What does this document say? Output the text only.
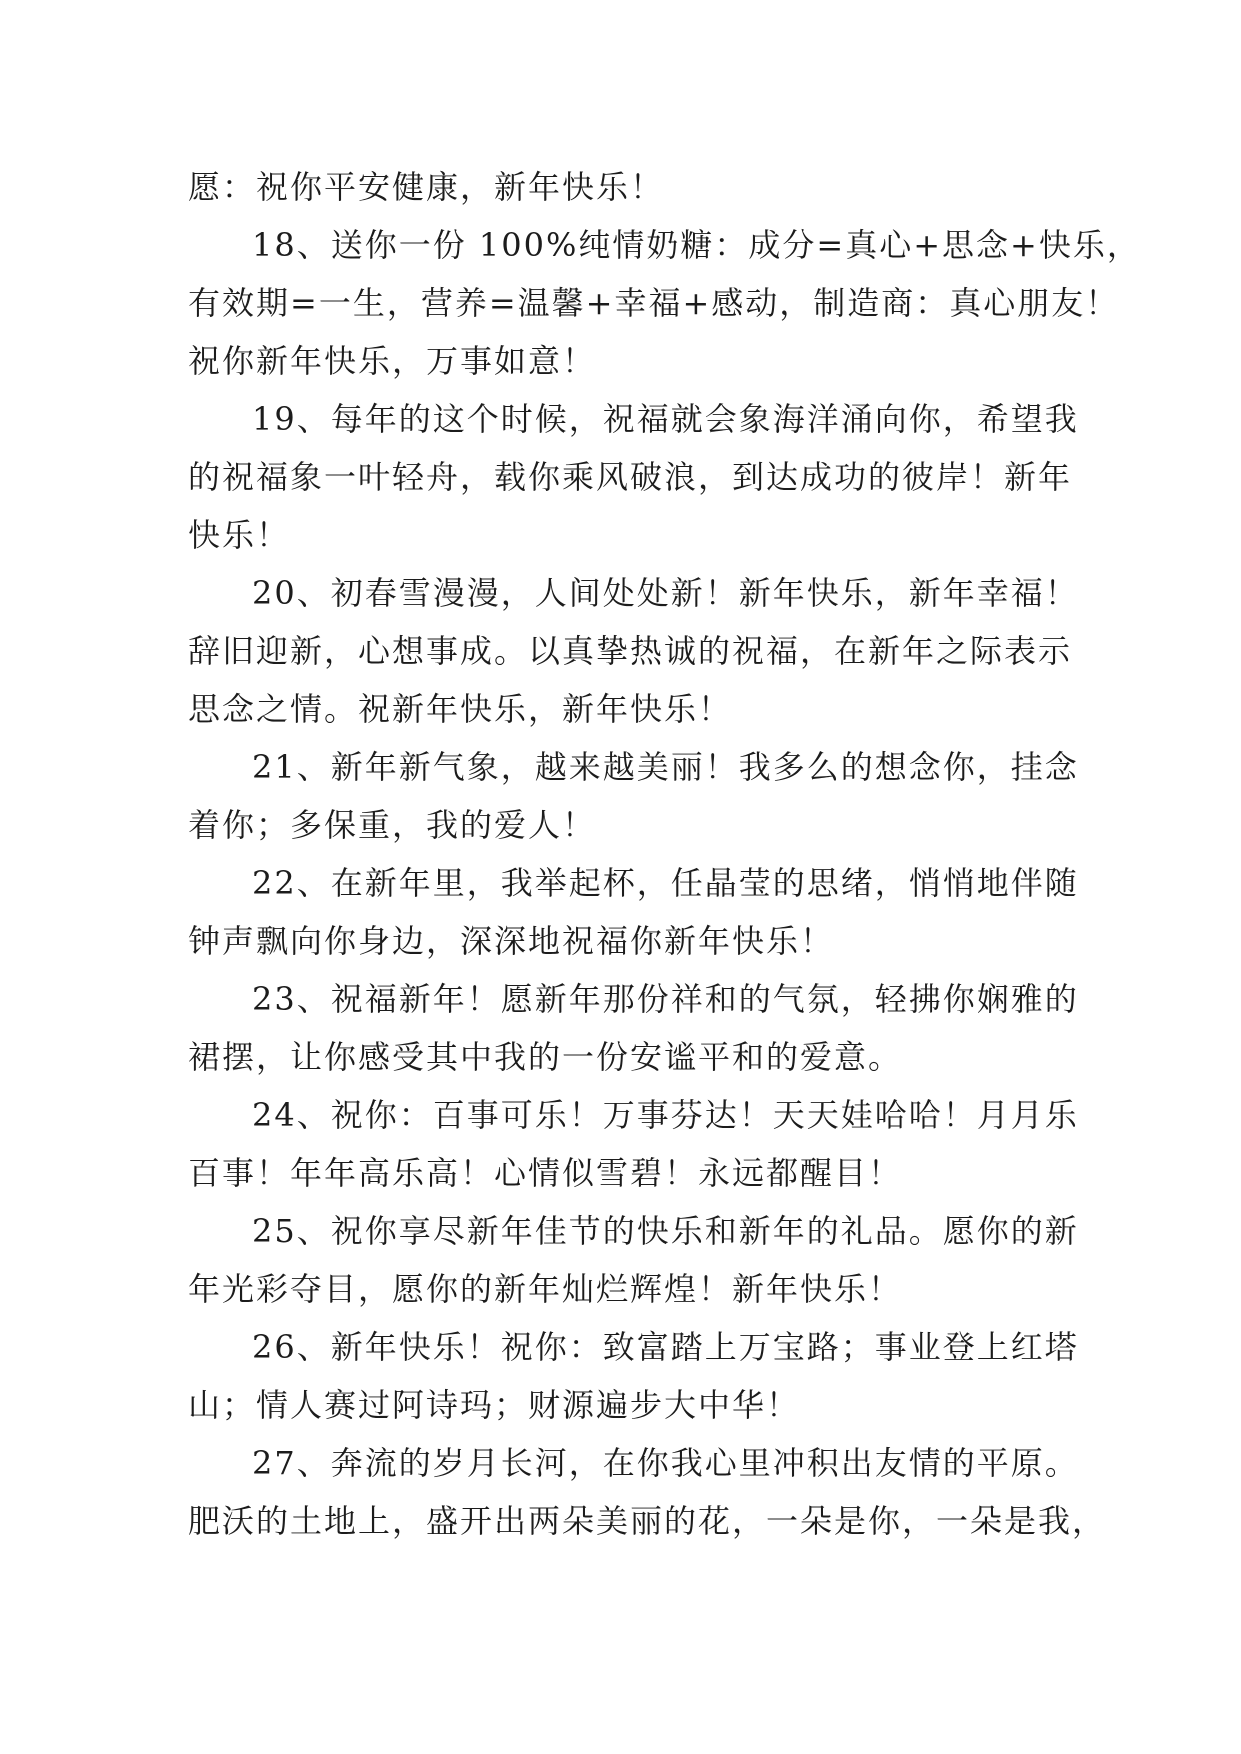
愿：祝你平安健康，新年快乐！
18、送你一份 100%纯情奶糖：成分=真心+思念+快乐，
有效期=一生，营养=温馨+幸福+感动，制造商：真心朋友！
祝你新年快乐，万事如意！
19、每年的这个时候，祝福就会象海洋涌向你，希望我
的祝福象一叶轻舟，载你乘风破浪，到达成功的彼岸！新年
快乐！
20、初春雪漫漫，人间处处新！新年快乐，新年幸福！
辞旧迎新，心想事成。以真挚热诚的祝福，在新年之际表示
思念之情。祝新年快乐，新年快乐！
21、新年新气象，越来越美丽！我多么的想念你，挂念
着你；多保重，我的爱人！
22、在新年里，我举起杯，任晶莹的思绪，悄悄地伴随
钟声飘向你身边，深深地祝福你新年快乐！
23、祝福新年！愿新年那份祥和的气氛，轻拂你娴雅的
裙摆，让你感受其中我的一份安谧平和的爱意。
24、祝你：百事可乐！万事芬达！天天娃哈哈！月月乐
百事！年年高乐高！心情似雪碧！永远都醒目！
25、祝你享尽新年佳节的快乐和新年的礼品。愿你的新
年光彩夺目，愿你的新年灿烂辉煌！新年快乐！
26、新年快乐！祝你：致富踏上万宝路；事业登上红塔
山；情人赛过阿诗玛；财源遍步大中华！
27、奔流的岁月长河，在你我心里冲积出友情的平原。
肥沃的土地上，盛开出两朵美丽的花，一朵是你，一朵是我，
